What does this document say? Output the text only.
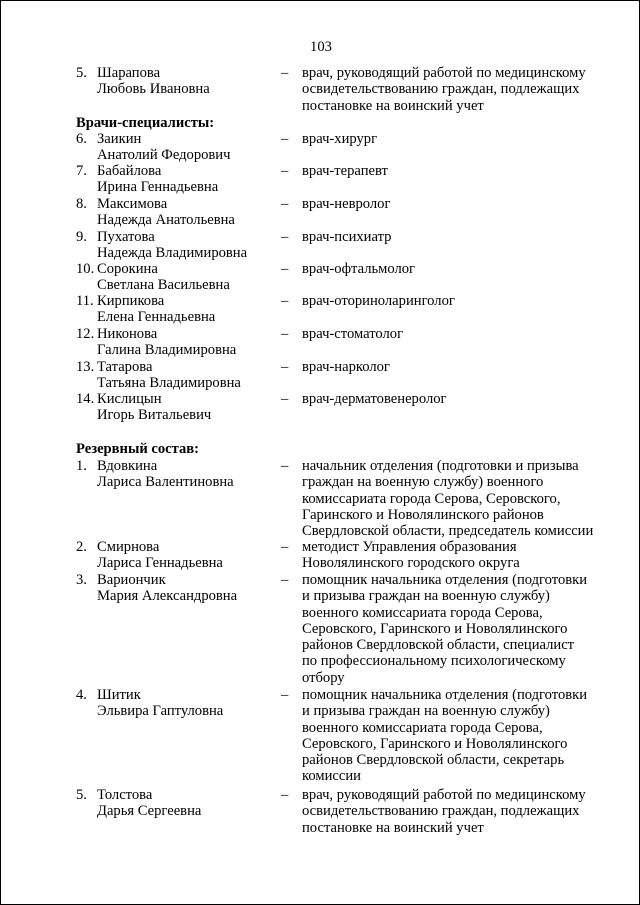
103
Врачи-специалисты:
Резервный состав:
5. Шарапова
Любовь Ивановна
– врач, руководящий работой по медицинскому
освидетельствованию граждан, подлежащих
постановке на воинский учет
6. Заикин
Анатолий Федорович
– врач-хирург
7. Бабайлова
Ирина Геннадьевна
– врач-терапевт
8. Максимова
Надежда Анатольевна
– врач-невролог
9. Пухатова
Надежда Владимировна
– врач-психиатр
10. Сорокина
Светлана Васильевна
– врач-офтальмолог
11. Кирпикова
Елена Геннадьевна
– врач-оториноларинголог
12. Никонова
Галина Владимировна
– врач-стоматолог
13. Татарова
Татьяна Владимировна
– врач-нарколог
14. Кислицын
Игорь Витальевич
– врач-дерматовенеролог
1. Вдовкина
Лариса Валентиновна
– начальник отделения (подготовки и призыва
граждан на военную службу) военного
комиссариата города Серова, Серовского,
Гаринского и Новолялинского районов
Свердловской области, председатель комиссии
2. Смирнова
Лариса Геннадьевна
– методист Управления образования
Новолялинского городского округа
3. Вариончик
Мария Александровна
– помощник начальника отделения (подготовки
и призыва граждан на военную службу)
военного комиссариата города Серова,
Серовского, Гаринского и Новолялинского
районов Свердловской области, специалист
по профессиональному психологическому
отбору
4. Шитик
Эльвира Гаптуловна
– помощник начальника отделения (подготовки
и призыва граждан на военную службу)
военного комиссариата города Серова,
Серовского, Гаринского и Новолялинского
районов Свердловской области, секретарь
комиссии
5. Толстова
Дарья Сергеевна
– врач, руководящий работой по медицинскому
освидетельствованию граждан, подлежащих
постановке на воинский учет
